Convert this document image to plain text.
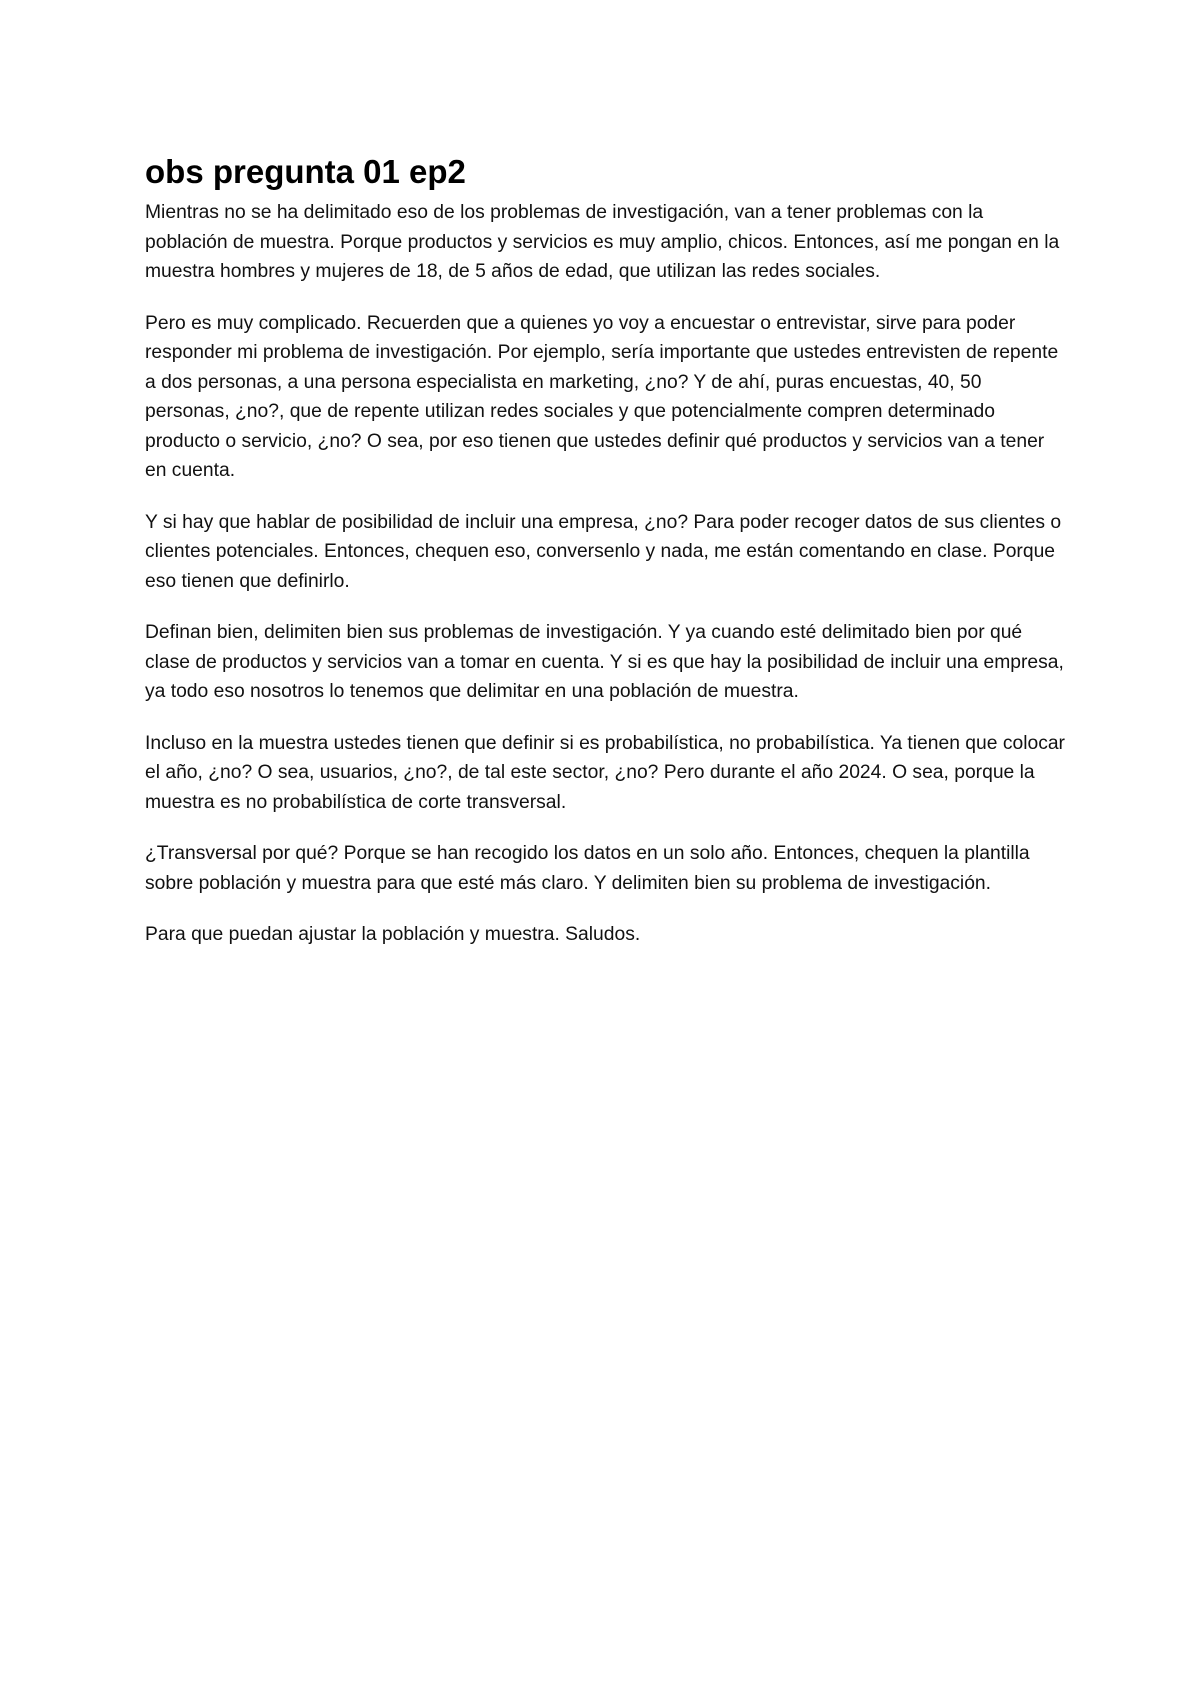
obs pregunta 01 ep2

Mientras no se ha delimitado eso de los problemas de investigación, van a tener problemas con la población de muestra. Porque productos y servicios es muy amplio, chicos. Entonces, así me pongan en la muestra hombres y mujeres de 18, de 5 años de edad, que utilizan las redes sociales.

Pero es muy complicado. Recuerden que a quienes yo voy a encuestar o entrevistar, sirve para poder responder mi problema de investigación. Por ejemplo, sería importante que ustedes entrevisten de repente a dos personas, a una persona especialista en marketing, ¿no? Y de ahí, puras encuestas, 40, 50 personas, ¿no?, que de repente utilizan redes sociales y que potencialmente compren determinado producto o servicio, ¿no? O sea, por eso tienen que ustedes definir qué productos y servicios van a tener en cuenta.

Y si hay que hablar de posibilidad de incluir una empresa, ¿no? Para poder recoger datos de sus clientes o clientes potenciales. Entonces, chequen eso, conversenlo y nada, me están comentando en clase. Porque eso tienen que definirlo.

Definan bien, delimiten bien sus problemas de investigación. Y ya cuando esté delimitado bien por qué clase de productos y servicios van a tomar en cuenta. Y si es que hay la posibilidad de incluir una empresa, ya todo eso nosotros lo tenemos que delimitar en una población de muestra.

Incluso en la muestra ustedes tienen que definir si es probabilística, no probabilística. Ya tienen que colocar el año, ¿no? O sea, usuarios, ¿no?, de tal este sector, ¿no? Pero durante el año 2024. O sea, porque la muestra es no probabilística de corte transversal.

¿Transversal por qué? Porque se han recogido los datos en un solo año. Entonces, chequen la plantilla sobre población y muestra para que esté más claro. Y delimiten bien su problema de investigación.

Para que puedan ajustar la población y muestra. Saludos.
